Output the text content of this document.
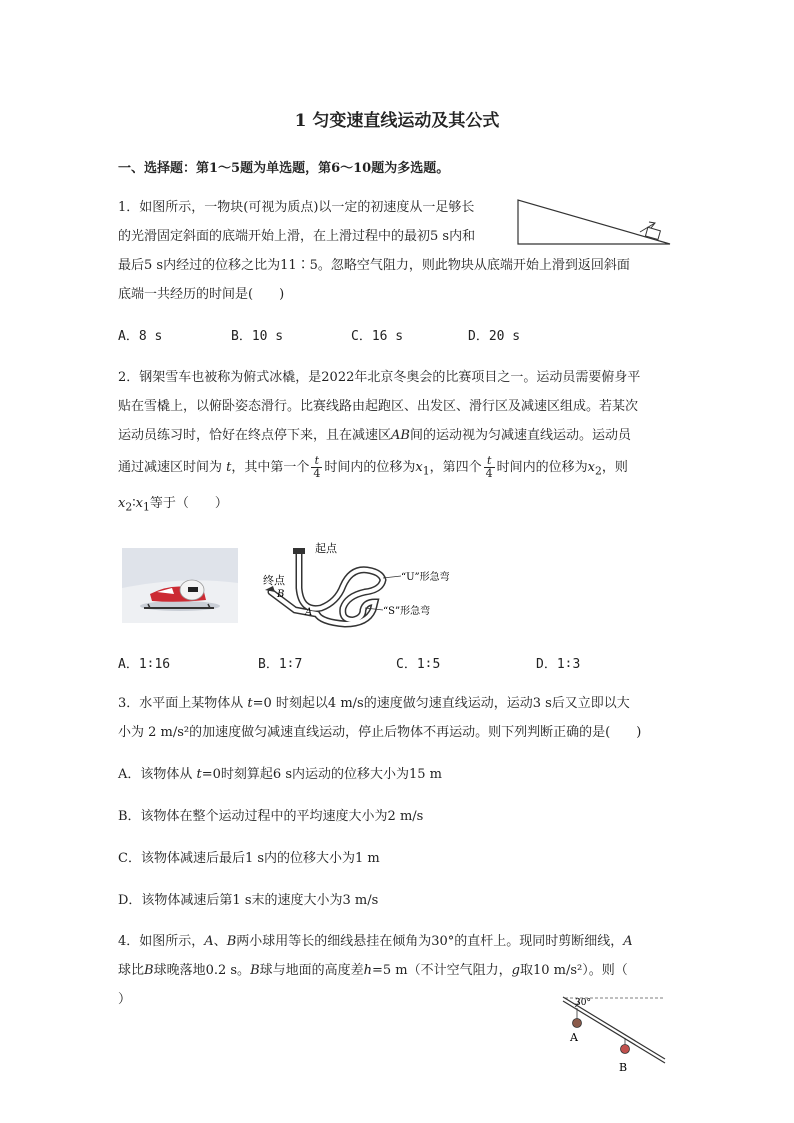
1 匀变速直线运动及其公式
一、选择题：第1～5题为单选题，第6～10题为多选题。
1．如图所示，一物块(可视为质点)以一定的初速度从一足够长
的光滑固定斜面的底端开始上滑，在上滑过程中的最初5 s内和
最后5 s内经过的位移之比为11∶5。忽略空气阻力，则此物块从底端开始上滑到返回斜面
底端一共经历的时间是(　　)
A．8 s	B．10 s	C．16 s	D．20 s
2．钢架雪车也被称为俯式冰橇，是2022年北京冬奥会的比赛项目之一。运动员需要俯身平
贴在雪橇上，以俯卧姿态滑行。比赛线路由起跑区、出发区、滑行区及减速区组成。若某次
运动员练习时，恰好在终点停下来，且在减速区AB间的运动视为匀减速直线运动。运动员
通过减速区时间为 t，其中第一个 $\frac{t}{4}$ 时间内的位移为$x_1$，第四个 $\frac{t}{4}$ 时间内的位移为$x_2$，则
$x_2∶x_1$等于（　　）
起点
终点
B
A
“U”形急弯
“S”形急弯
A．1∶16	B．1∶7	C．1∶5	D．1∶3
3．水平面上某物体从 t=0 时刻起以4 m/s的速度做匀速直线运动，运动3 s后又立即以大
小为 2 m/s²的加速度做匀减速直线运动，停止后物体不再运动。则下列判断正确的是(　　)
A．该物体从 t=0时刻算起6 s内运动的位移大小为15 m
B．该物体在整个运动过程中的平均速度大小为2 m/s
C．该物体减速后最后1 s内的位移大小为1 m
D．该物体减速后第1 s末的速度大小为3 m/s
4．如图所示，A、B两小球用等长的细线悬挂在倾角为30°的直杆上。现同时剪断细线，A
球比B球晚落地0.2 s。B球与地面的高度差h=5 m（不计空气阻力，g取10 m/s²）。则（
）	30°
A
B
